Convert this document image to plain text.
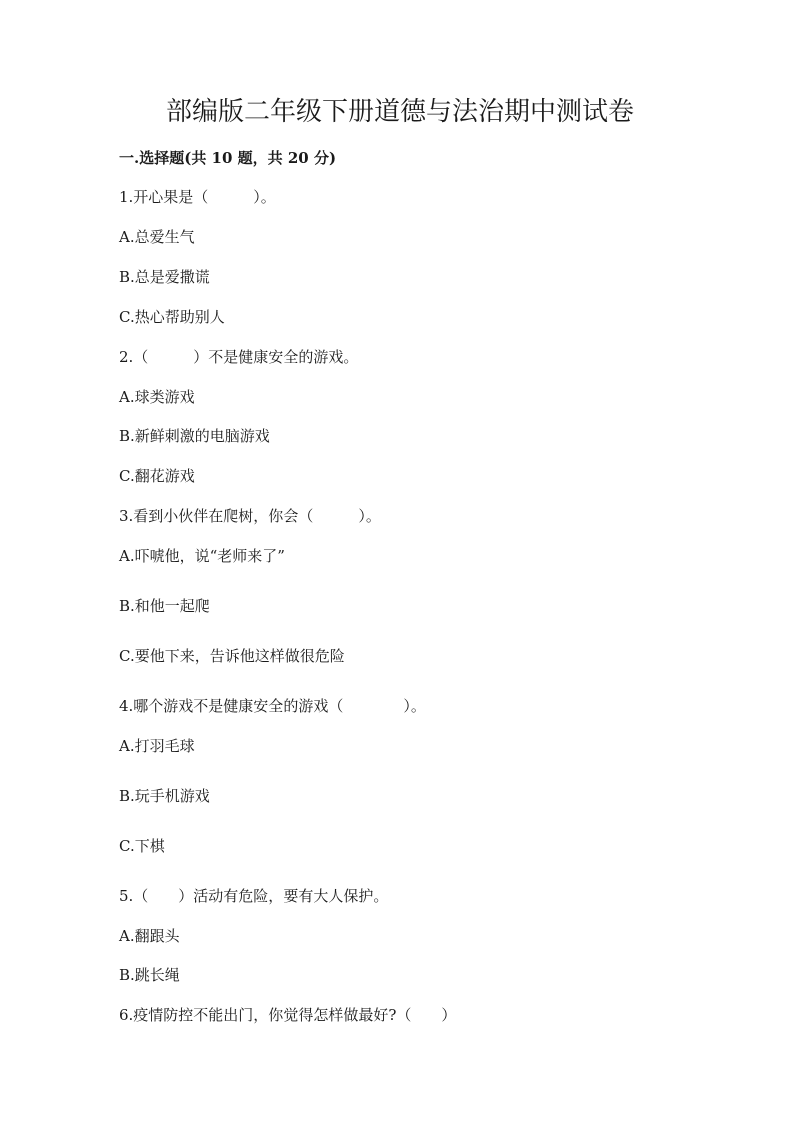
部编版二年级下册道德与法治期中测试卷
一.选择题(共 10 题，共 20 分)
1.开心果是（　　　）。
A.总爱生气
B.总是爱撒谎
C.热心帮助别人
2.（　　　）不是健康安全的游戏。
A.球类游戏
B.新鲜刺激的电脑游戏
C.翻花游戏
3.看到小伙伴在爬树，你会（　　　）。
A.吓唬他，说“老师来了”
B.和他一起爬
C.要他下来，告诉他这样做很危险
4.哪个游戏不是健康安全的游戏（　　　　）。
A.打羽毛球
B.玩手机游戏
C.下棋
5.（　　）活动有危险，要有大人保护。
A.翻跟头
B.跳长绳
6.疫情防控不能出门，你觉得怎样做最好?（　　）
